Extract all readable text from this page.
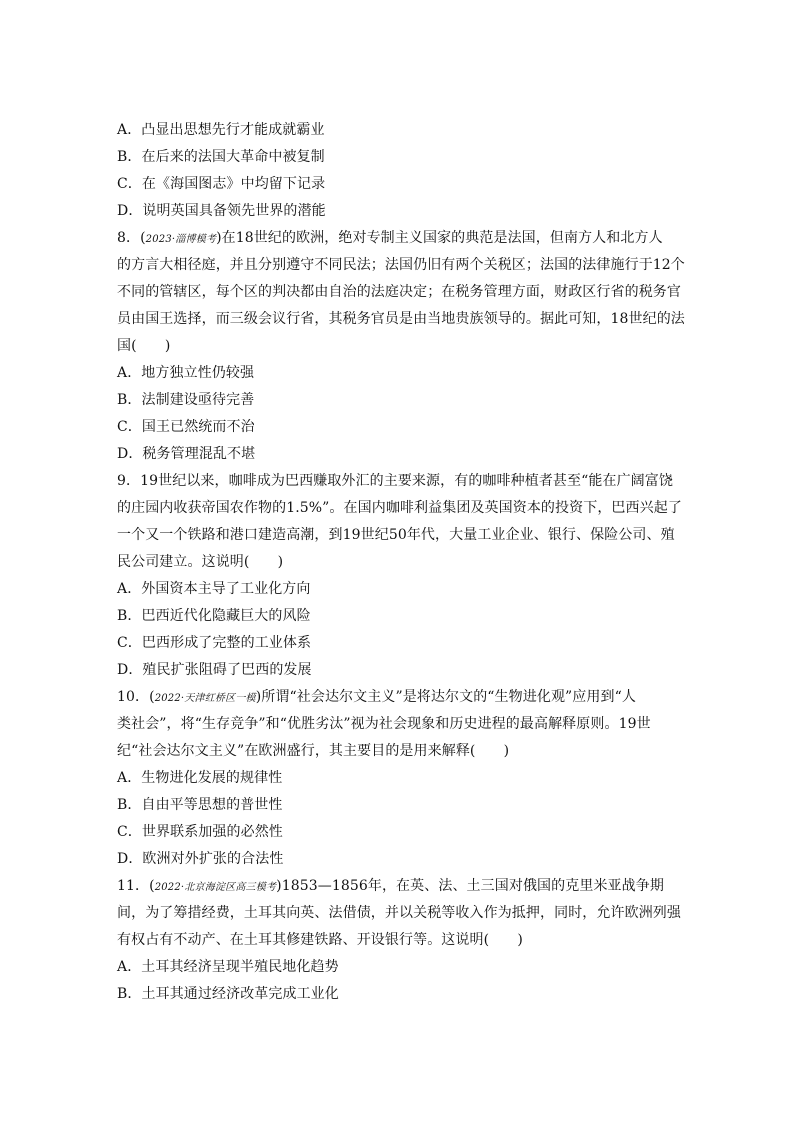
A．凸显出思想先行才能成就霸业
B．在后来的法国大革命中被复制
C．在《海国图志》中均留下记录
D．说明英国具备领先世界的潜能
8．(2023·淄博模考)在18世纪的欧洲，绝对专制主义国家的典范是法国，但南方人和北方人
的方言大相径庭，并且分别遵守不同民法；法国仍旧有两个关税区；法国的法律施行于12个
不同的管辖区，每个区的判决都由自治的法庭决定；在税务管理方面，财政区行省的税务官
员由国王选择，而三级会议行省，其税务官员是由当地贵族领导的。据此可知，18世纪的法
国(　　)
A．地方独立性仍较强
B．法制建设亟待完善
C．国王已然统而不治
D．税务管理混乱不堪
9．19世纪以来，咖啡成为巴西赚取外汇的主要来源，有的咖啡种植者甚至“能在广阔富饶
的庄园内收获帝国农作物的1.5%”。在国内咖啡利益集团及英国资本的投资下，巴西兴起了
一个又一个铁路和港口建造高潮，到19世纪50年代，大量工业企业、银行、保险公司、殖
民公司建立。这说明(　　)
A．外国资本主导了工业化方向
B．巴西近代化隐藏巨大的风险
C．巴西形成了完整的工业体系
D．殖民扩张阻碍了巴西的发展
10．(2022·天津红桥区一模)所谓“社会达尔文主义”是将达尔文的“生物进化观”应用到“人
类社会”，将“生存竞争”和“优胜劣汰”视为社会现象和历史进程的最高解释原则。19世
纪“社会达尔文主义”在欧洲盛行，其主要目的是用来解释(　　)
A．生物进化发展的规律性
B．自由平等思想的普世性
C．世界联系加强的必然性
D．欧洲对外扩张的合法性
11．(2022·北京海淀区高三模考)1853—1856年，在英、法、土三国对俄国的克里米亚战争期
间，为了筹措经费，土耳其向英、法借债，并以关税等收入作为抵押，同时，允许欧洲列强
有权占有不动产、在土耳其修建铁路、开设银行等。这说明(　　)
A．土耳其经济呈现半殖民地化趋势
B．土耳其通过经济改革完成工业化
